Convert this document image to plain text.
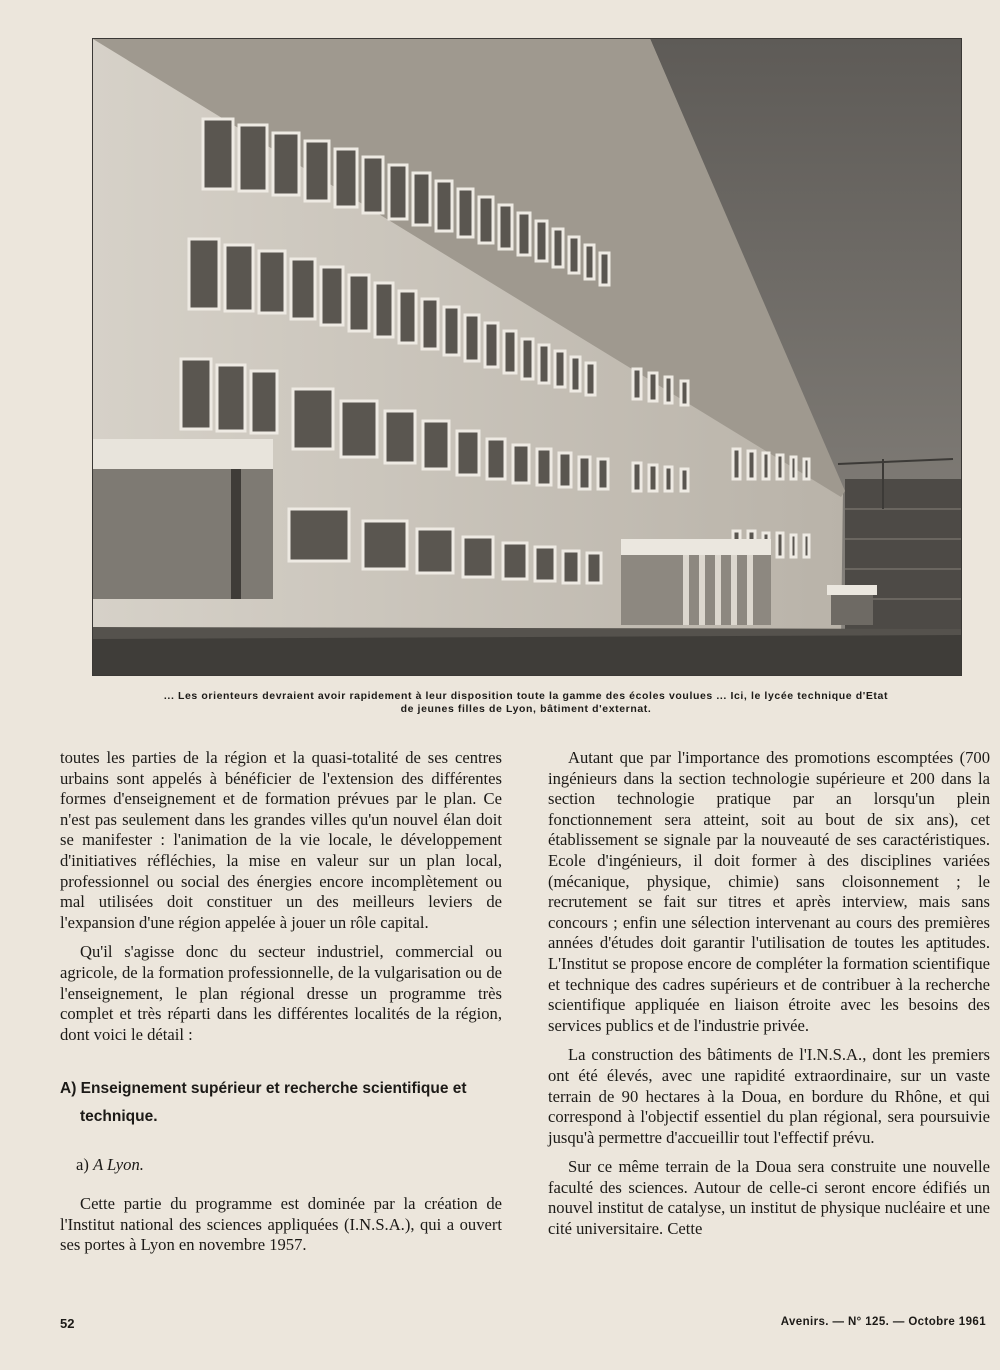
... Les orienteurs devraient avoir rapidement à leur disposition toute la gamme des écoles voulues ... Ici, le lycée technique d'Etat
de jeunes filles de Lyon, bâtiment d'externat.

toutes les parties de la région et la quasi-totalité de ses centres urbains sont appelés à bénéficier de l'extension des différentes formes d'enseignement et de formation prévues par le plan. Ce n'est pas seulement dans les grandes villes qu'un nouvel élan doit se manifester : l'animation de la vie locale, le développement d'initiatives réfléchies, la mise en valeur sur un plan local, professionnel ou social des énergies encore incomplètement ou mal utilisées doit constituer un des meilleurs leviers de l'expansion d'une région appelée à jouer un rôle capital.

Qu'il s'agisse donc du secteur industriel, commercial ou agricole, de la formation professionnelle, de la vulgarisation ou de l'enseignement, le plan régional dresse un programme très complet et très réparti dans les différentes localités de la région, dont voici le détail :

A) Enseignement supérieur et recherche scientifique et technique.
a) A Lyon.

Cette partie du programme est dominée par la création de l'Institut national des sciences appliquées (I.N.S.A.), qui a ouvert ses portes à Lyon en novembre 1957.

Autant que par l'importance des promotions escomptées (700 ingénieurs dans la section technologie supérieure et 200 dans la section technologie pratique par an lorsqu'un plein fonctionnement sera atteint, soit au bout de six ans), cet établissement se signale par la nouveauté de ses caractéristiques. Ecole d'ingénieurs, il doit former à des disciplines variées (mécanique, physique, chimie) sans cloisonnement ; le recrutement se fait sur titres et après interview, mais sans concours ; enfin une sélection intervenant au cours des premières années d'études doit garantir l'utilisation de toutes les aptitudes. L'Institut se propose encore de compléter la formation scientifique et technique des cadres supérieurs et de contribuer à la recherche scientifique appliquée en liaison étroite avec les besoins des services publics et de l'industrie privée.

La construction des bâtiments de l'I.N.S.A., dont les premiers ont été élevés, avec une rapidité extraordinaire, sur un vaste terrain de 90 hectares à la Doua, en bordure du Rhône, et qui correspond à l'objectif essentiel du plan régional, sera poursuivie jusqu'à permettre d'accueillir tout l'effectif prévu.

Sur ce même terrain de la Doua sera construite une nouvelle faculté des sciences. Autour de celle-ci seront encore édifiés un nouvel institut de catalyse, un institut de physique nucléaire et une cité universitaire. Cette

52	Avenirs. — N° 125. — Octobre 1961
